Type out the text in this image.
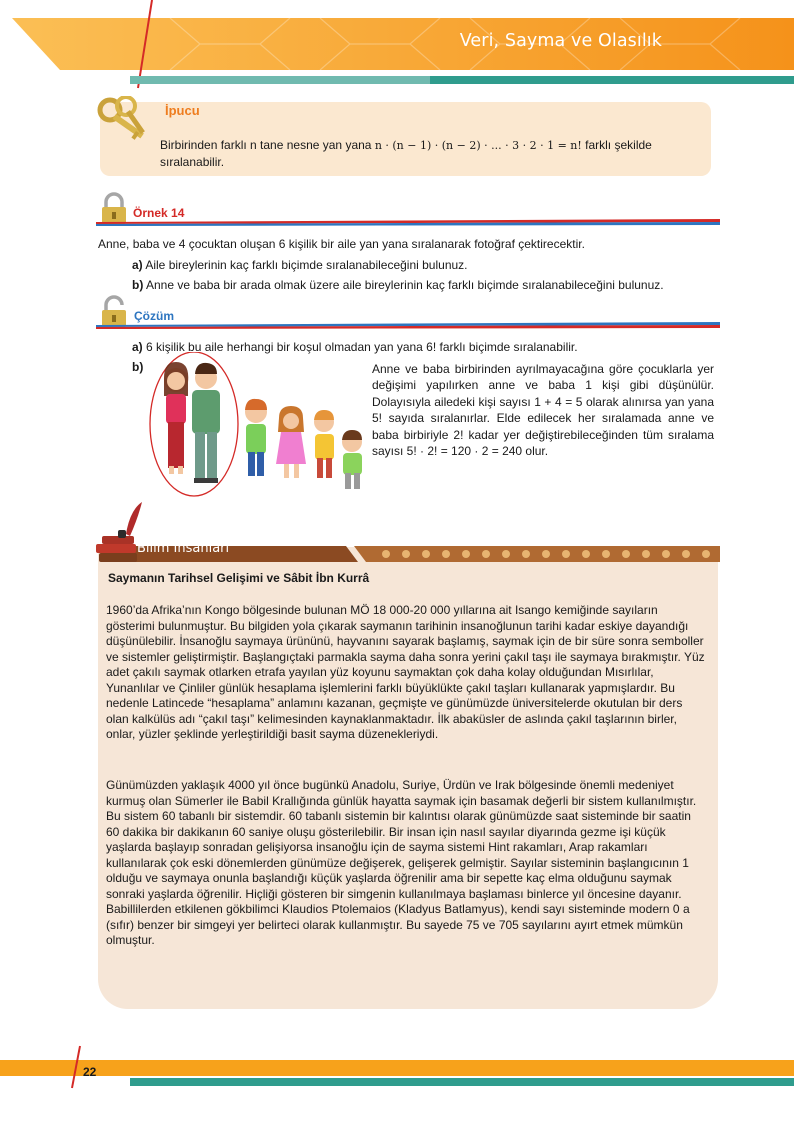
Veri, Sayma ve Olasılık
İpucu
Birbirinden farklı n tane nesne yan yana n · (n − 1) · (n − 2) · ... · 3 · 2 · 1 = n! farklı şekilde sıralanabilir.
Örnek 14
Anne, baba ve 4 çocuktan oluşan 6 kişilik bir aile yan yana sıralanarak fotoğraf çektirecektir.
a) Aile bireylerinin kaç farklı biçimde sıralanabileceğini bulunuz.
b) Anne ve baba bir arada olmak üzere aile bireylerinin kaç farklı biçimde sıralanabileceğini bulunuz.
Çözüm
a) 6 kişilik bu aile herhangi bir koşul olmadan yan yana 6! farklı biçimde sıralanabilir.
b)	Anne ve baba birbirinden ayrılmayacağına göre çocuklarla yer değişimi yapılırken anne ve baba 1 kişi gibi düşünülür. Dolayısıyla ailedeki kişi sayısı 1 + 4 = 5 olarak alınırsa yan yana 5! sayıda sıralanırlar. Elde edilecek her sıralamada anne ve baba birbiriyle 2! kadar yer değiştirebileceğinden tüm sıralama sayısı 5! · 2! = 120 · 2 = 240 olur.
Bilim İnsanları
Saymanın Tarihsel Gelişimi ve Sâbit İbn Kurrâ
1960’da Afrika’nın Kongo bölgesinde bulunan MÖ 18 000-20 000 yıllarına ait Isango kemiğinde sayıların gösterimi bulunmuştur. Bu bilgiden yola çıkarak saymanın tarihinin insanoğlunun tarihi kadar eskiye dayandığı düşünülebilir. İnsanoğlu saymaya ürününü, hayvanını sayarak başlamış, saymak için de bir süre sonra semboller ve sistemler geliştirmiştir. Başlangıçtaki parmakla sayma daha sonra yerini çakıl taşı ile saymaya bırakmıştır. Yüz adet çakılı saymak otlarken etrafa yayılan yüz koyunu saymaktan çok daha kolay olduğundan Mısırlılar, Yunanlılar ve Çinliler günlük hesaplama işlemlerini farklı büyüklükte çakıl taşları kullanarak yapmışlardır. Bu nedenle Latincede “hesaplama” anlamını kazanan, geçmişte ve günümüzde üniversitelerde okutulan bir ders olan kalkülüs adı “çakıl taşı” kelimesinden kaynaklanmaktadır. İlk abaküsler de aslında çakıl taşlarının birler, onlar, yüzler şeklinde yerleştirildiği basit sayma düzenekleriydi.
Günümüzden yaklaşık 4000 yıl önce bugünkü Anadolu, Suriye, Ürdün ve Irak bölgesinde önemli medeniyet kurmuş olan Sümerler ile Babil Krallığında günlük hayatta saymak için basamak değerli bir sistem kullanılmıştır. Bu sistem 60 tabanlı bir sistemdir. 60 tabanlı sistemin bir kalıntısı olarak günümüzde saat sisteminde bir saatin 60 dakika bir dakikanın 60 saniye oluşu gösterilebilir. Bir insan için nasıl sayılar diyarında gezme işi küçük yaşlarda başlayıp sonradan gelişiyorsa insanoğlu için de sayma sistemi Hint rakamları, Arap rakamları kullanılarak çok eski dönemlerden günümüze değişerek, gelişerek gelmiştir. Sayılar sisteminin başlangıcının 1 olduğu ve saymaya onunla başlandığı küçük yaşlarda öğrenilir ama bir sepette kaç elma olduğunu saymak sonraki yaşlarda öğrenilir. Hiçliği gösteren bir simgenin kullanılmaya başlaması binlerce yıl öncesine dayanır. Babillilerden etkilenen gökbilimci Klaudios Ptolemaios (Kladyus Batlamyus), kendi sayı sisteminde modern 0 a (sıfır) benzer bir simgeyi yer belirteci olarak kullanmıştır. Bu sayede 75 ve 705 sayılarını ayırt etmek mümkün olmuştur.
22
